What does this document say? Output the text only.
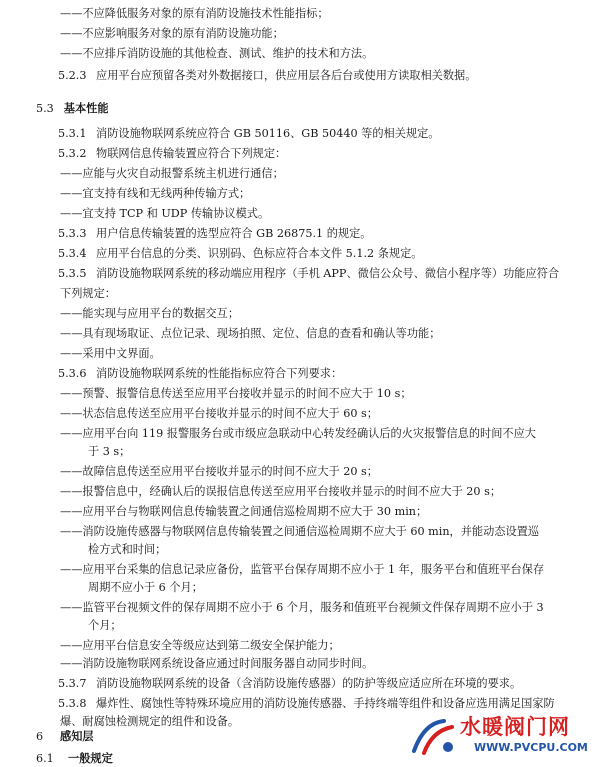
——不应降低服务对象的原有消防设施技术性能指标；
——不应影响服务对象的原有消防设施功能；
——不应排斥消防设施的其他检查、测试、维护的技术和方法。
5.2.3 应用平台应预留各类对外数据接口，供应用层各后台或使用方读取相关数据。
5.3 基本性能
5.3.1 消防设施物联网系统应符合 GB 50116、GB 50440 等的相关规定。
5.3.2 物联网信息传输装置应符合下列规定：
——应能与火灾自动报警系统主机进行通信；
——宜支持有线和无线两种传输方式；
——宜支持 TCP 和 UDP 传输协议模式。
5.3.3 用户信息传输装置的选型应符合 GB 26875.1 的规定。
5.3.4 应用平台信息的分类、识别码、色标应符合本文件 5.1.2 条规定。
5.3.5 消防设施物联网系统的移动端应用程序（手机 APP、微信公众号、微信小程序等）功能应符合
下列规定：
——能实现与应用平台的数据交互；
——具有现场取证、点位记录、现场拍照、定位、信息的查看和确认等功能；
——采用中文界面。
5.3.6 消防设施物联网系统的性能指标应符合下列要求：
——预警、报警信息传送至应用平台接收并显示的时间不应大于 10 s；
——状态信息传送至应用平台接收并显示的时间不应大于 60 s；
——应用平台向 119 报警服务台或市级应急联动中心转发经确认后的火灾报警信息的时间不应大
于 3 s；
——故障信息传送至应用平台接收并显示的时间不应大于 20 s；
——报警信息中，经确认后的误报信息传送至应用平台接收并显示的时间不应大于 20 s；
——应用平台与物联网信息传输装置之间通信巡检周期不应大于 30 min；
——消防设施传感器与物联网信息传输装置之间通信巡检周期不应大于 60 min，并能动态设置巡
检方式和时间；
——应用平台采集的信息记录应备份，监管平台保存周期不应小于 1 年，服务平台和值班平台保存
周期不应小于 6 个月；
——监管平台视频文件的保存周期不应小于 6 个月，服务和值班平台视频文件保存周期不应小于 3
个月；
——应用平台信息安全等级应达到第二级安全保护能力；
——消防设施物联网系统设备应通过时间服务器自动同步时间。
5.3.7 消防设施物联网系统的设备（含消防设施传感器）的防护等级应适应所在环境的要求。
5.3.8 爆炸性、腐蚀性等特殊环境应用的消防设施传感器、手持终端等组件和设备应选用满足国家防
爆、耐腐蚀检测规定的组件和设备。
6 感知层
6.1 一般规定
水暖阀门网
WWW.PVCPU.COM
